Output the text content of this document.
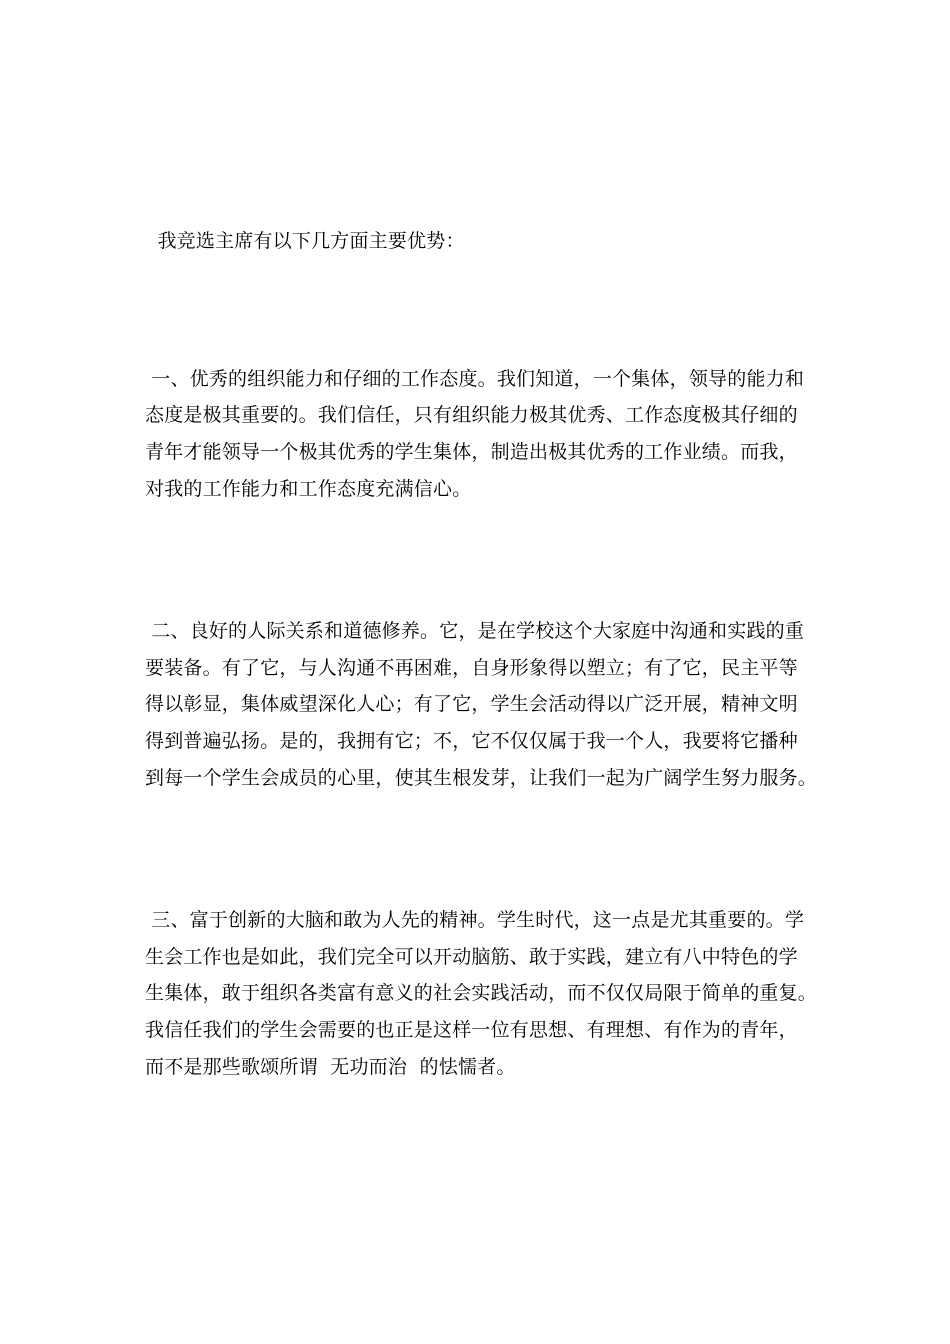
我竞选主席有以下几方面主要优势：
一、优秀的组织能力和仔细的工作态度。我们知道，一个集体，领导的能力和
态度是极其重要的。我们信任，只有组织能力极其优秀、工作态度极其仔细的
青年才能领导一个极其优秀的学生集体，制造出极其优秀的工作业绩。而我，
对我的工作能力和工作态度充满信心。
二、良好的人际关系和道德修养。它，是在学校这个大家庭中沟通和实践的重
要装备。有了它，与人沟通不再困难，自身形象得以塑立；有了它，民主平等
得以彰显，集体威望深化人心；有了它，学生会活动得以广泛开展，精神文明
得到普遍弘扬。是的，我拥有它；不，它不仅仅属于我一个人，我要将它播种
到每一个学生会成员的心里，使其生根发芽，让我们一起为广阔学生努力服务。
三、富于创新的大脑和敢为人先的精神。学生时代，这一点是尤其重要的。学
生会工作也是如此，我们完全可以开动脑筋、敢于实践，建立有八中特色的学
生集体，敢于组织各类富有意义的社会实践活动，而不仅仅局限于简单的重复。
我信任我们的学生会需要的也正是这样一位有思想、有理想、有作为的青年，
而不是那些歌颂所谓  无功而治  的怯懦者。
